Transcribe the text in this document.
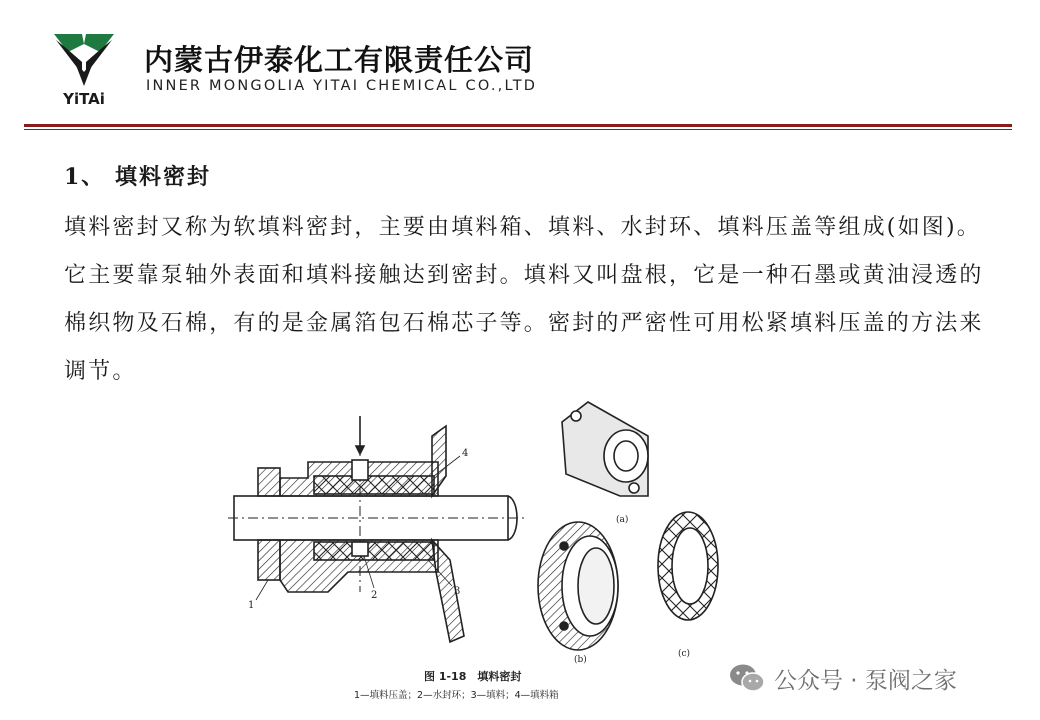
YiTAi
内蒙古伊泰化工有限责任公司
INNER MONGOLIA YITAI CHEMICAL CO.,LTD
1、 填料密封

填料密封又称为软填料密封，主要由填料箱、填料、水封环、填料压盖等组成(如图)。它主要靠泵轴外表面和填料接触达到密封。填料又叫盘根，它是一种石墨或黄油浸透的棉织物及石棉，有的是金属箔包石棉芯子等。密封的严密性可用松紧填料压盖的方法来调节。

1
2	3
4
(a)
(b)
(c)
图 1-18　填料密封
1—填料压盖；2—水封环；3—填料；4—填料箱
公众号 · 泵阀之家
